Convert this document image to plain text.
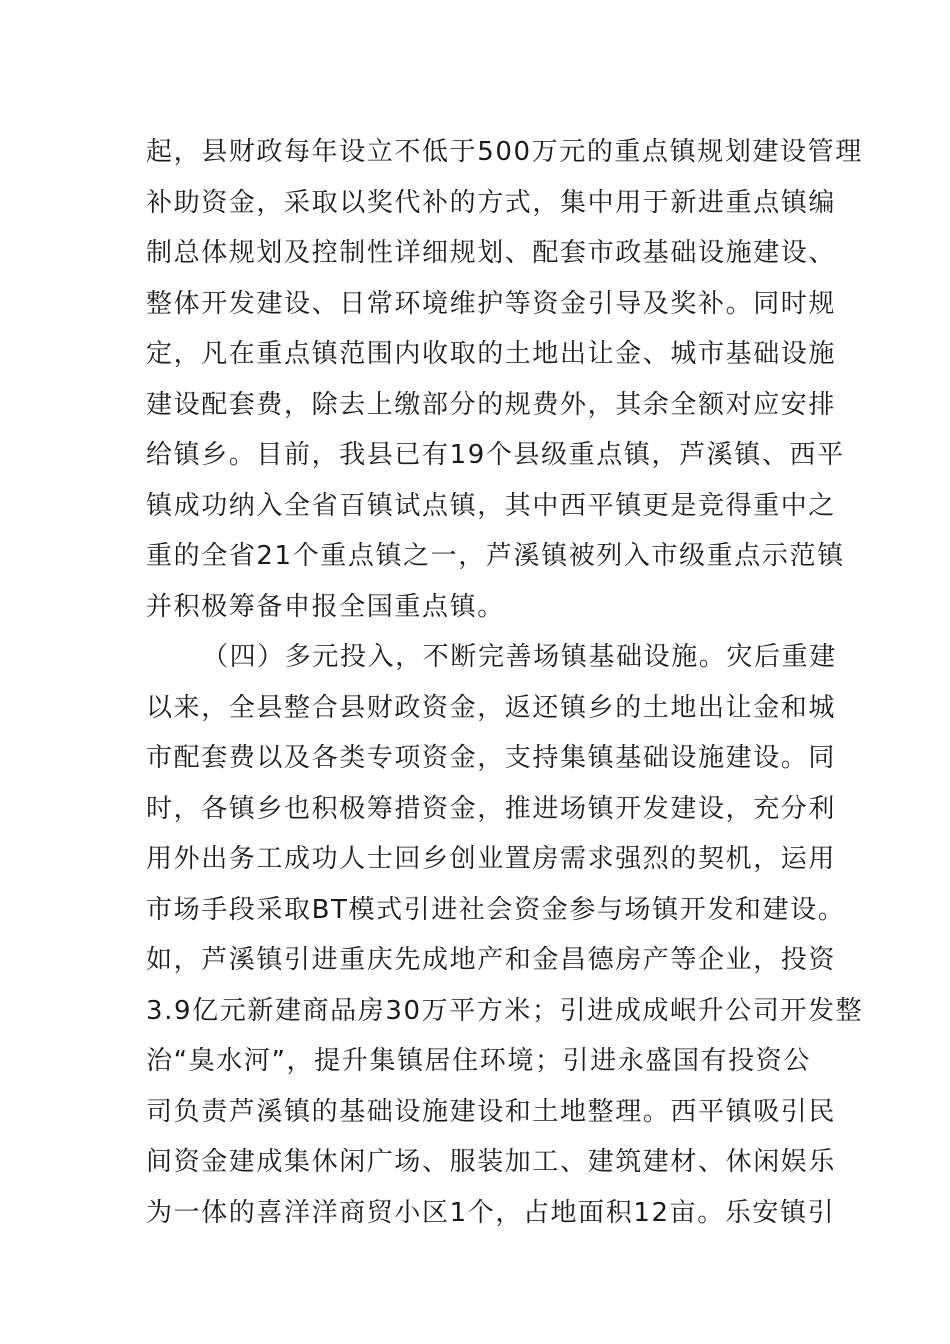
起，县财政每年设立不低于500万元的重点镇规划建设管理
补助资金，采取以奖代补的方式，集中用于新进重点镇编
制总体规划及控制性详细规划、配套市政基础设施建设、
整体开发建设、日常环境维护等资金引导及奖补。同时规
定，凡在重点镇范围内收取的土地出让金、城市基础设施
建设配套费，除去上缴部分的规费外，其余全额对应安排
给镇乡。目前，我县已有19个县级重点镇，芦溪镇、西平
镇成功纳入全省百镇试点镇，其中西平镇更是竞得重中之
重的全省21个重点镇之一，芦溪镇被列入市级重点示范镇
并积极筹备申报全国重点镇。
（四）多元投入，不断完善场镇基础设施。灾后重建
以来，全县整合县财政资金，返还镇乡的土地出让金和城
市配套费以及各类专项资金，支持集镇基础设施建设。同
时，各镇乡也积极筹措资金，推进场镇开发建设，充分利
用外出务工成功人士回乡创业置房需求强烈的契机，运用
市场手段采取BT模式引进社会资金参与场镇开发和建设。
如，芦溪镇引进重庆先成地产和金昌德房产等企业，投资
3.9亿元新建商品房30万平方米；引进成成岷升公司开发整
治“臭水河”，提升集镇居住环境；引进永盛国有投资公
司负责芦溪镇的基础设施建设和土地整理。西平镇吸引民
间资金建成集休闲广场、服装加工、建筑建材、休闲娱乐
为一体的喜洋洋商贸小区1个，占地面积12亩。乐安镇引
